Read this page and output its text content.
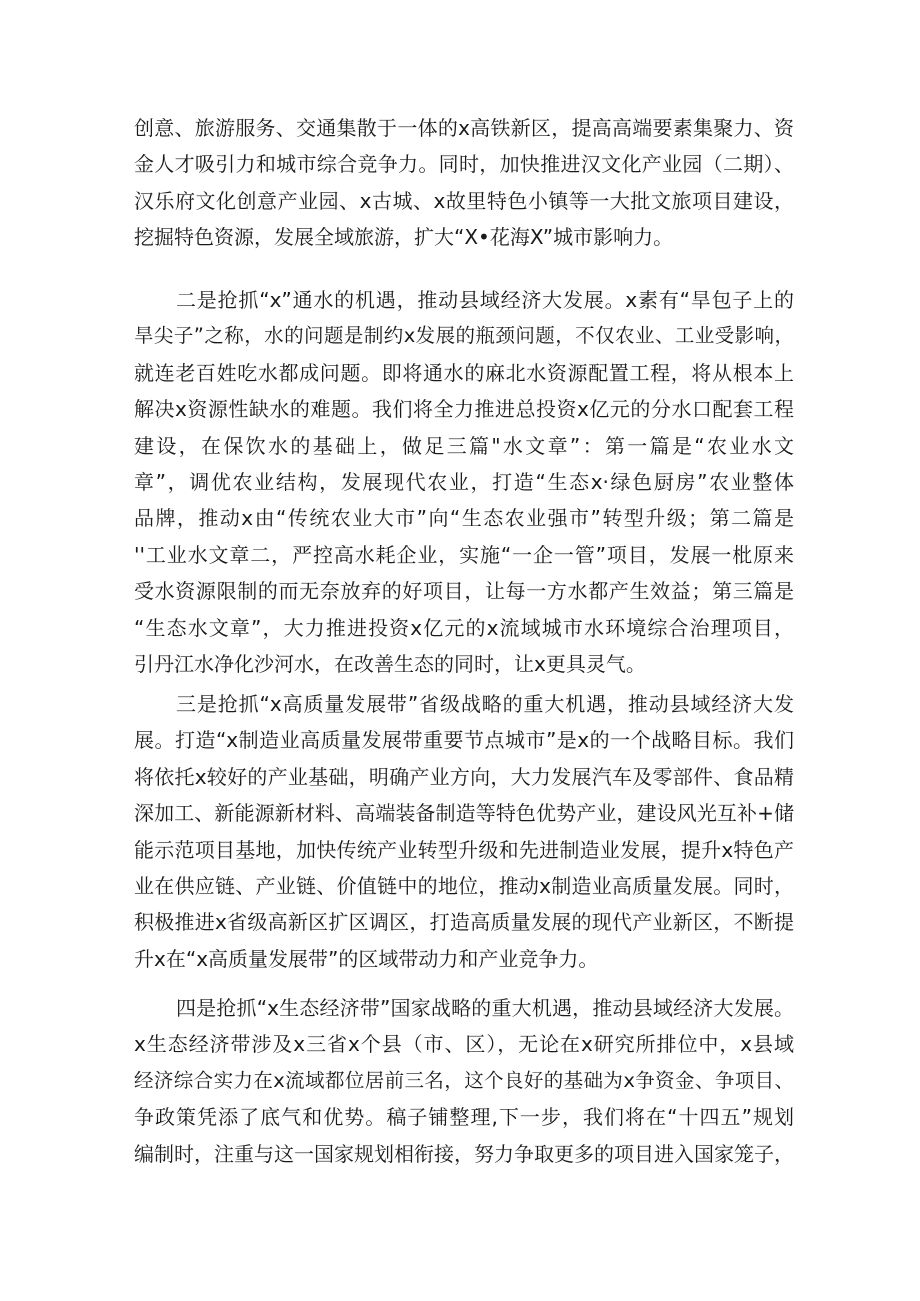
创意、旅游服务、交通集散于一体的x高铁新区，提高高端要素集聚力、资
金人才吸引力和城市综合竞争力。同时，加快推进汉文化产业园（二期）、
汉乐府文化创意产业园、x古城、x故里特色小镇等一大批文旅项目建设，
挖掘特色资源，发展全域旅游，扩大“X•花海X”城市影响力。
二是抢抓“x”通水的机遇，推动县域经济大发展。x素有“旱包子上的
旱尖子”之称，水的问题是制约x发展的瓶颈问题，不仅农业、工业受影响，
就连老百姓吃水都成问题。即将通水的麻北水资源配置工程，将从根本上
解决x资源性缺水的难题。我们将全力推进总投资x亿元的分水口配套工程
建设，在保饮水的基础上，做足三篇"水文章”：第一篇是“农业水文
章”，调优农业结构，发展现代农业，打造“生态x·绿色厨房”农业整体
品牌，推动x由“传统农业大市”向“生态农业强市”转型升级；第二篇是
''工业水文章二，严控高水耗企业，实施“一企一管”项目，发展一枇原来
受水资源限制的而无奈放弃的好项目，让每一方水都产生效益；第三篇是
“生态水文章”，大力推进投资x亿元的x流域城市水环境综合治理项目，
引丹江水净化沙河水，在改善生态的同时，让x更具灵气。
三是抢抓“x高质量发展带”省级战略的重大机遇，推动县域经济大发
展。打造“x制造业高质量发展带重要节点城市”是x的一个战略目标。我们
将依托x较好的产业基础，明确产业方向，大力发展汽车及零部件、食品精
深加工、新能源新材料、高端装备制造等特色优势产业，建设风光互补+储
能示范项目基地，加快传统产业转型升级和先进制造业发展，提升x特色产
业在供应链、产业链、价值链中的地位，推动x制造业高质量发展。同时，
积极推进x省级高新区扩区调区，打造高质量发展的现代产业新区，不断提
升x在“x高质量发展带”的区域带动力和产业竞争力。
四是抢抓“x生态经济带”国家战略的重大机遇，推动县域经济大发展。
x生态经济带涉及x三省x个县（市、区），无论在x研究所排位中，x县域
经济综合实力在x流域都位居前三名，这个良好的基础为x争资金、争项目、
争政策凭添了底气和优势。稿子铺整理,下一步，我们将在“十四五”规划
编制时，注重与这一国家规划相衔接，努力争取更多的项目进入国家笼子，
